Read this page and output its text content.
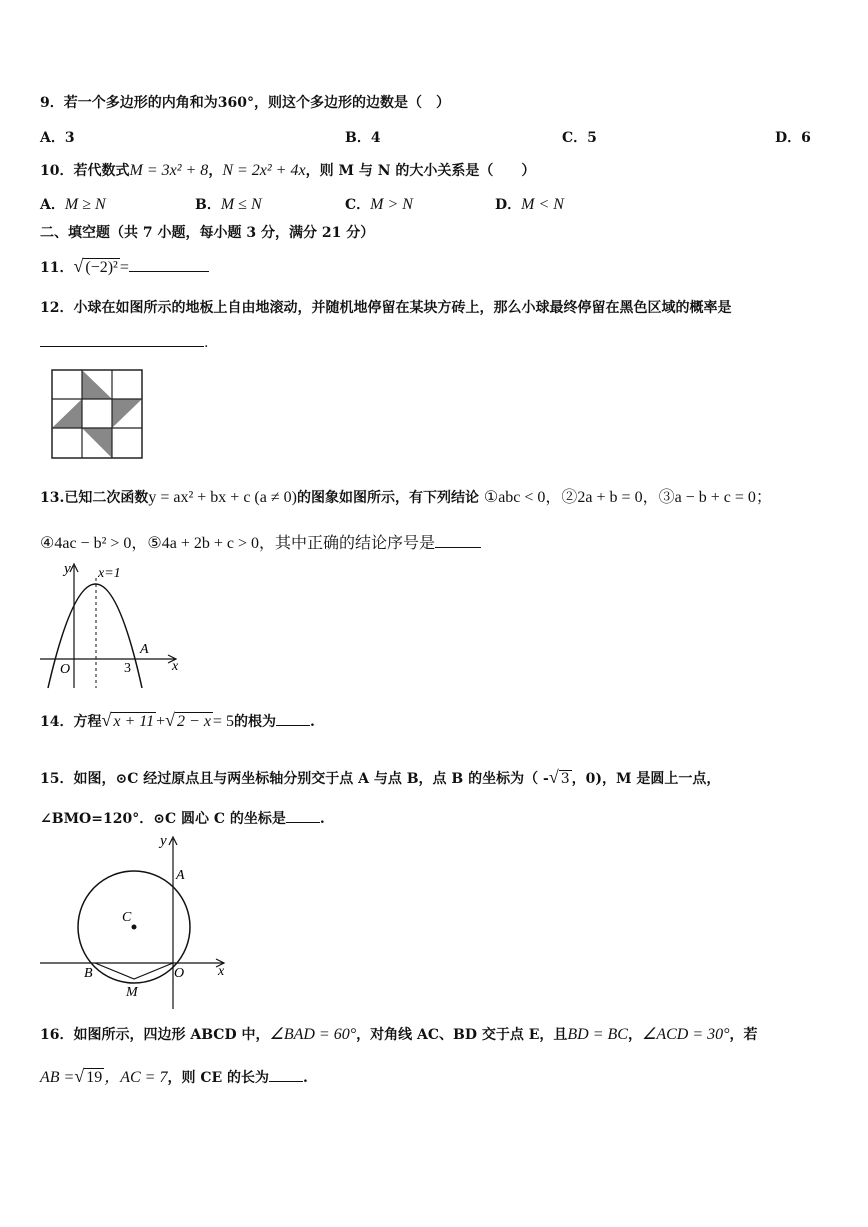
9．若一个多边形的内角和为360°，则这个多边形的边数是（　）
A．3	B．4	C．5	D．6
10．若代数式M = 3x² + 8，N = 2x² + 4x，则 M 与 N 的大小关系是（　　）
A．M ≥ N	B．M ≤ N	C．M > N	D．M < N
二、填空题（共 7 小题，每小题 3 分，满分 21 分）
11．√ (−2)² =
12．小球在如图所示的地板上自由地滚动，并随机地停留在某块方砖上，那么小球最终停留在黑色区域的概率是
.
13.已知二次函数y = ax² + bx + c (a ≠ 0)的图象如图所示，有下列结论 ①abc < 0，②2a + b = 0，③a − b + c = 0；
④4ac − b² > 0，⑤4a + 2b + c > 0，其中正确的结论序号是
y x=1
O	3
A
x
14．方程√ x + 11 +√ 2 − x = 5的根为 .
15．如图，⊙C 经过原点且与两坐标轴分别交于点 A 与点 B，点 B 的坐标为（ -√ 3 ，0)，M 是圆上一点，
∠BMO=120°．⊙C 圆心 C 的坐标是 .
y
A
C
B	O
M
x
16．如图所示，四边形 ABCD 中，∠BAD = 60°，对角线 AC、BD 交于点 E，且BD = BC，∠ACD = 30°，若
AB =√ 19 ，AC = 7，则 CE 的长为 .
